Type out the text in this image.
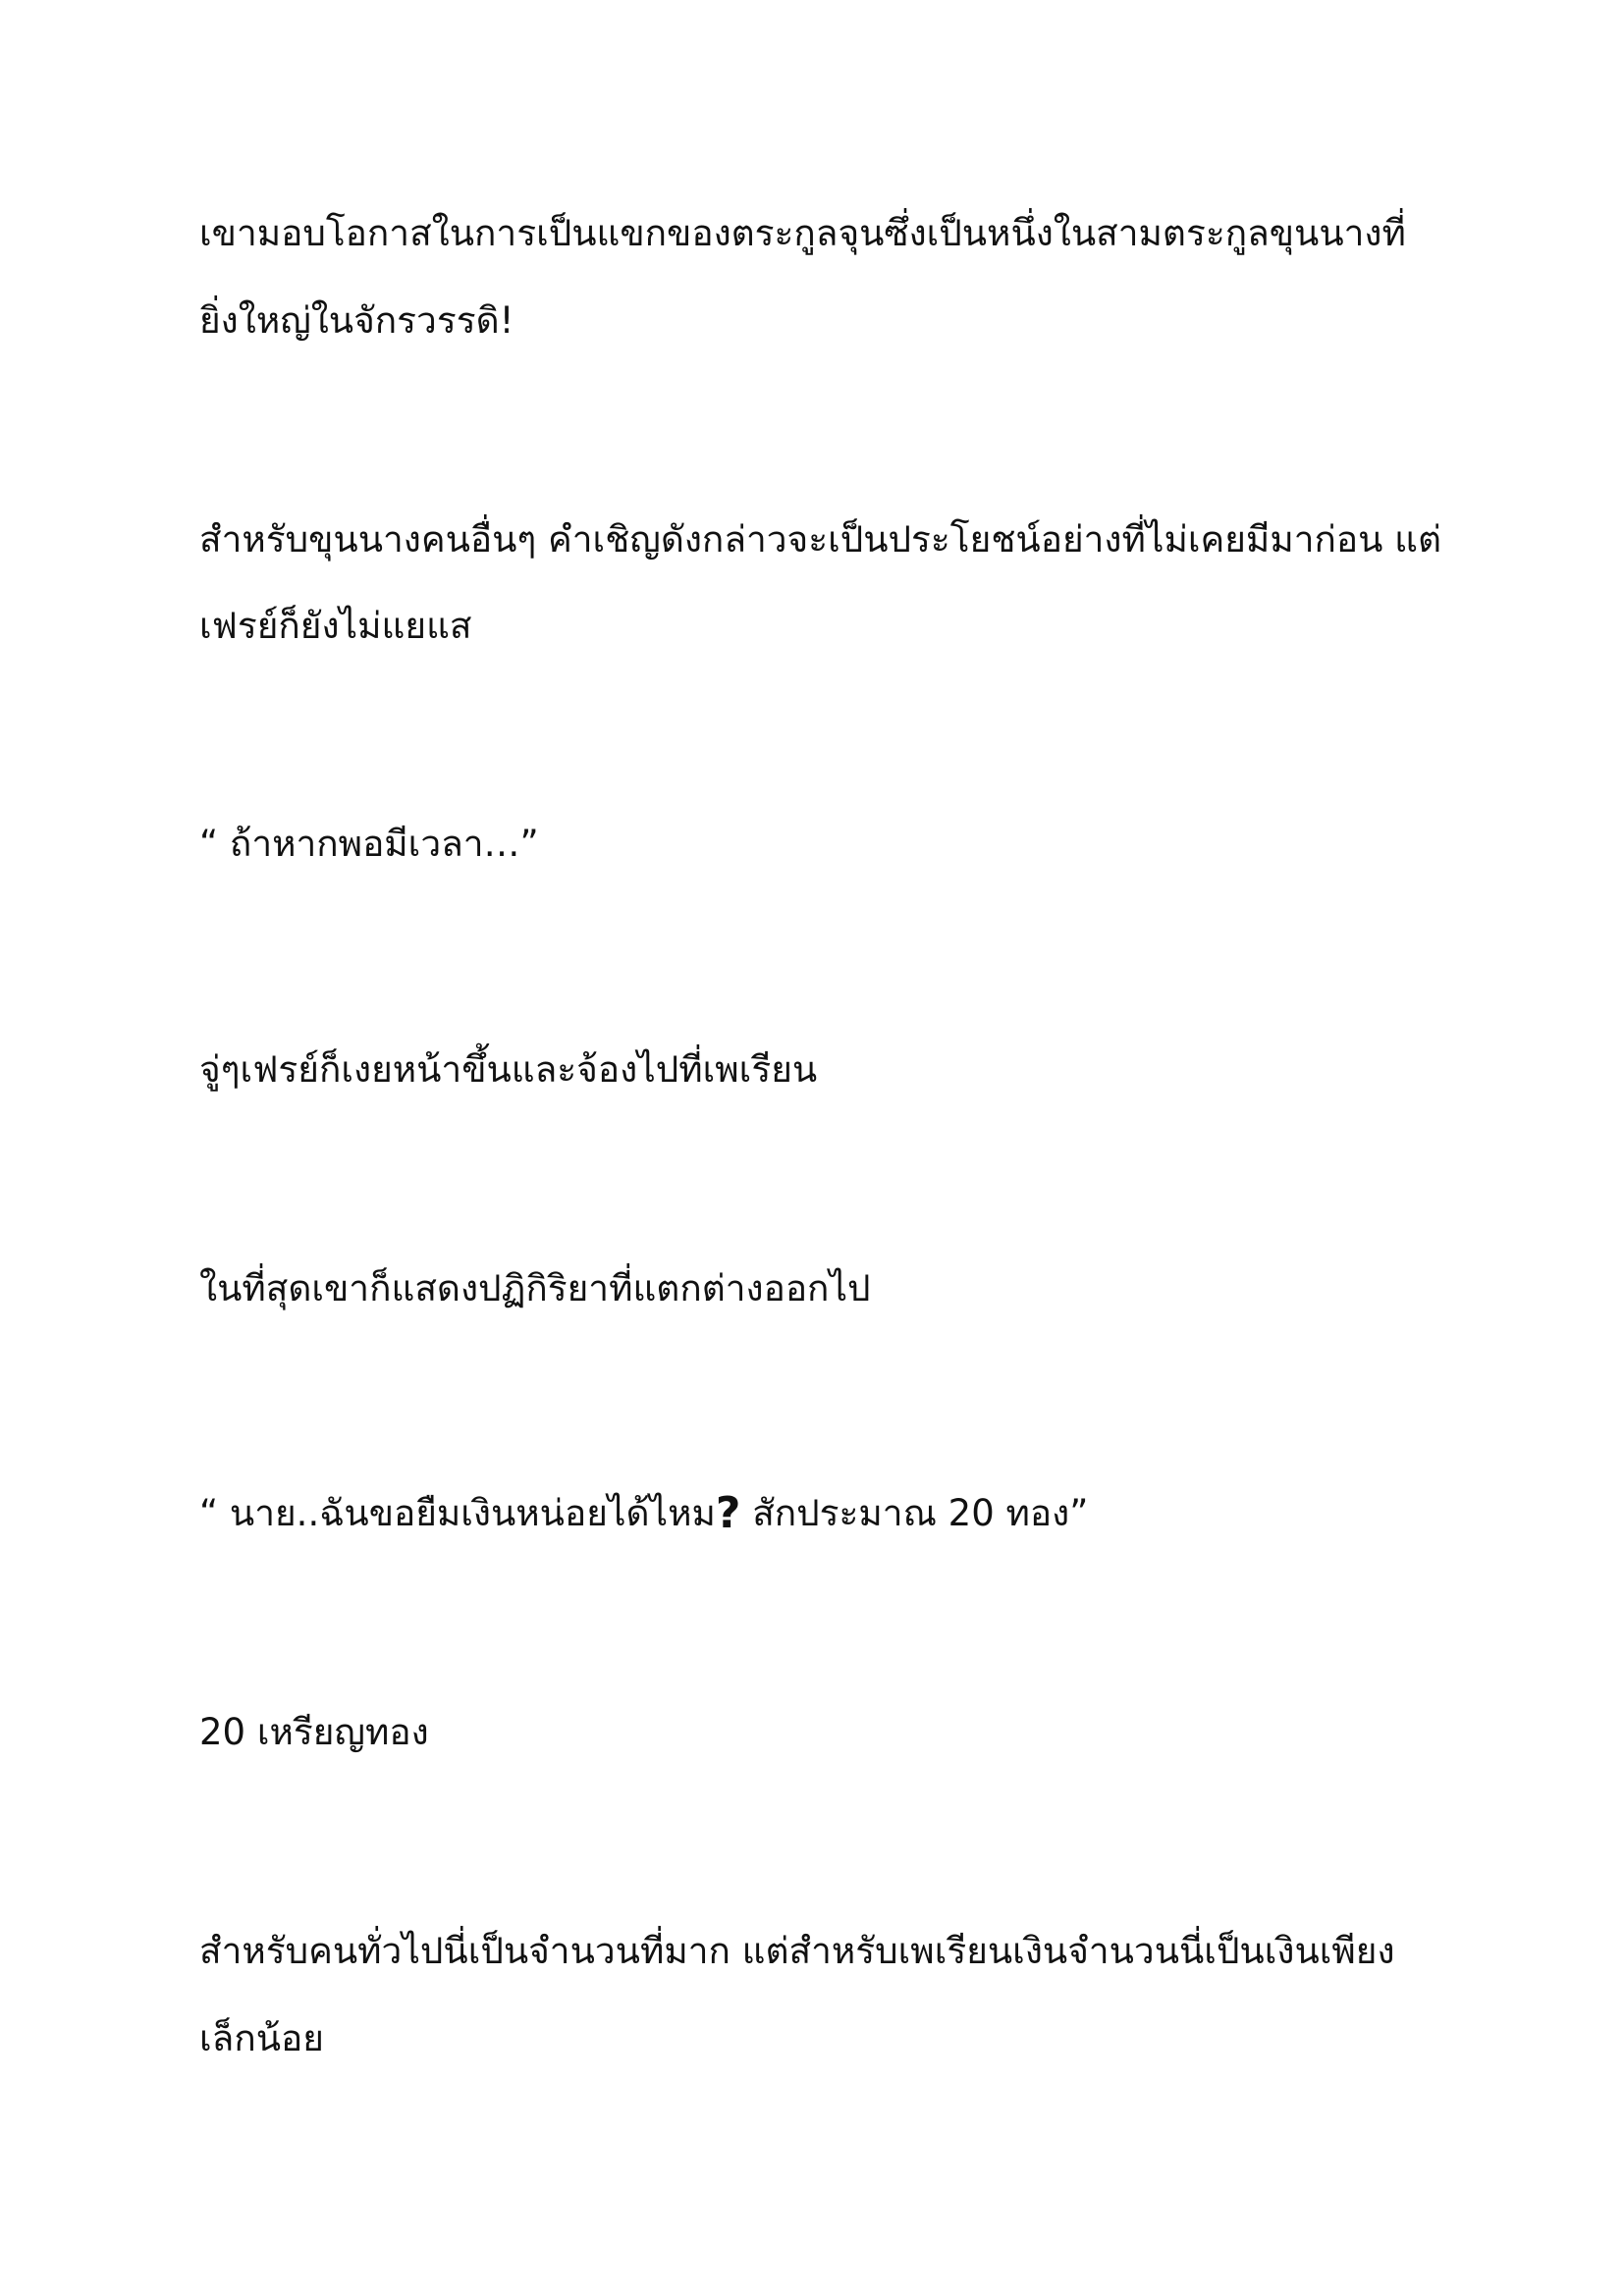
เขามอบโอกาสในการเป็นแขกของตระกูลจุนซึ่งเป็นหนึ่งในสามตระกูลขุนนางที่
ยิ่งใหญ่ในจักรวรรดิ!
สำหรับขุนนางคนอื่นๆ คำเชิญดังกล่าวจะเป็นประโยชน์อย่างที่ไม่เคยมีมาก่อน แต่
เฟรย์ก็ยังไม่แยแส
“ ถ้าหากพอมีเวลา…”
จู่ๆเฟรย์ก็เงยหน้าขึ้นและจ้องไปที่เพเรียน
ในที่สุดเขาก็แสดงปฏิกิริยาที่แตกต่างออกไป
“ นาย..ฉันขอยืมเงินหน่อยได้ไหม? สักประมาณ 20 ทอง”
20 เหรียญทอง
สำหรับคนทั่วไปนี่เป็นจำนวนที่มาก แต่สำหรับเพเรียนเงินจำนวนนี่เป็นเงินเพียง
เล็กน้อย
